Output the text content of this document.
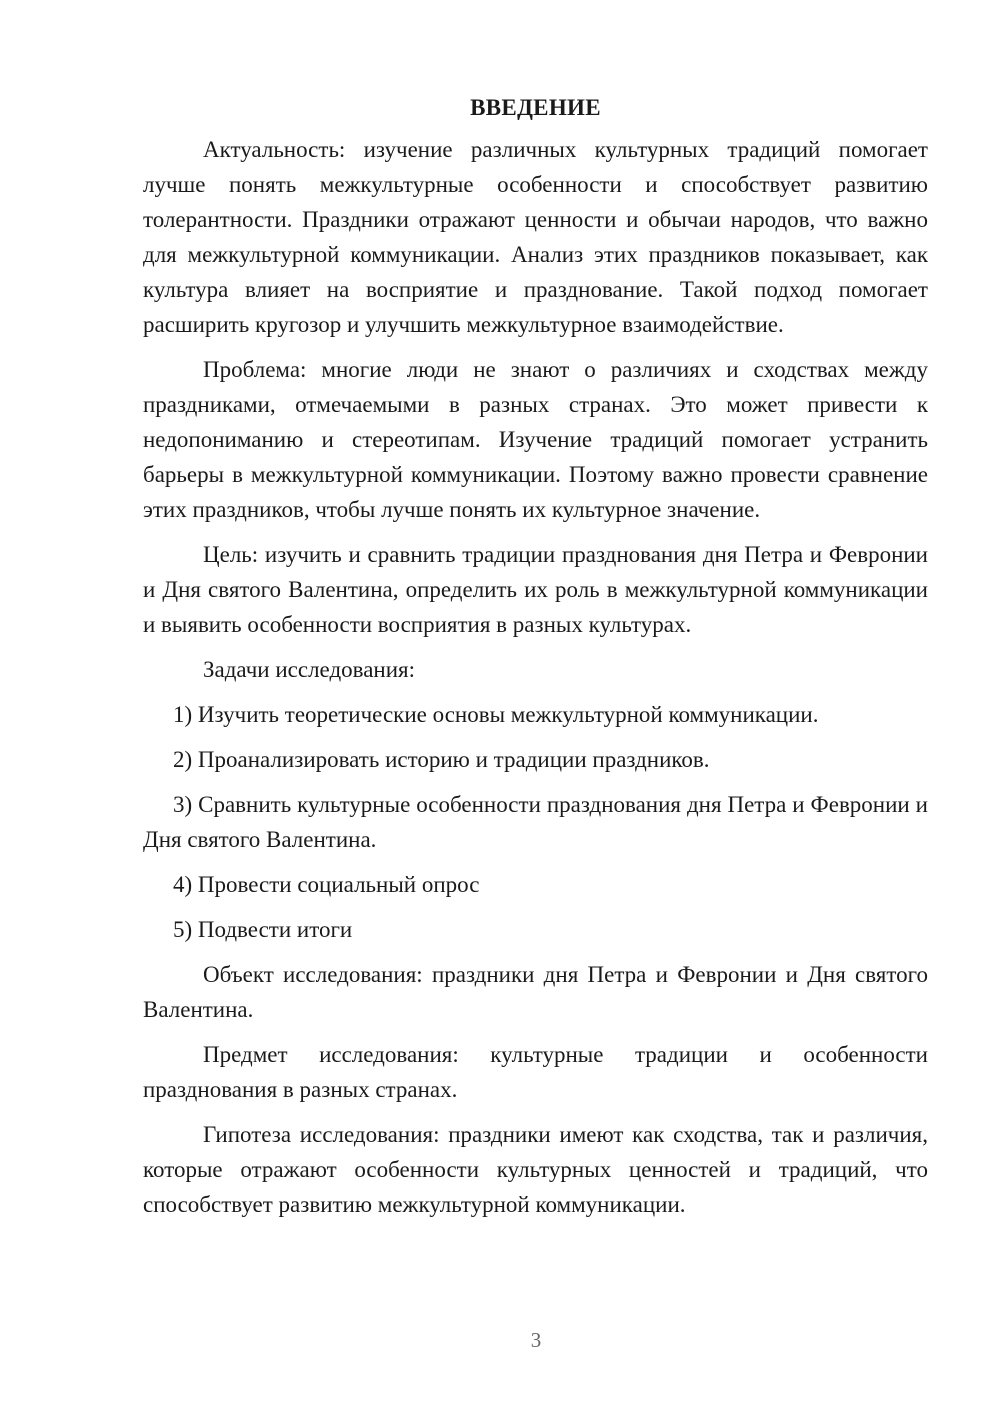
ВВЕДЕНИЕ

Актуальность: изучение различных культурных традиций помогает лучше понять межкультурные особенности и способствует развитию толерантности. Праздники отражают ценности и обычаи народов, что важно для межкультурной коммуникации. Анализ этих праздников показывает, как культура влияет на восприятие и празднование. Такой подход помогает расширить кругозор и улучшить межкультурное взаимодействие.

Проблема: многие люди не знают о различиях и сходствах между праздниками, отмечаемыми в разных странах. Это может привести к недопониманию и стереотипам. Изучение традиций помогает устранить барьеры в межкультурной коммуникации. Поэтому важно провести сравнение этих праздников, чтобы лучше понять их культурное значение.

Цель: изучить и сравнить традиции празднования дня Петра и Февронии и Дня святого Валентина, определить их роль в межкультурной коммуникации и выявить особенности восприятия в разных культурах.

Задачи исследования:

1) Изучить теоретические основы межкультурной коммуникации.

2) Проанализировать историю и традиции праздников.

3) Сравнить культурные особенности празднования дня Петра и Февронии и Дня святого Валентина.

4) Провести социальный опрос

5) Подвести итоги

Объект исследования: праздники дня Петра и Февронии и Дня святого Валентина.

Предмет исследования: культурные традиции и особенности празднования в разных странах.

Гипотеза исследования: праздники имеют как сходства, так и различия, которые отражают особенности культурных ценностей и традиций, что способствует развитию межкультурной коммуникации.

3
